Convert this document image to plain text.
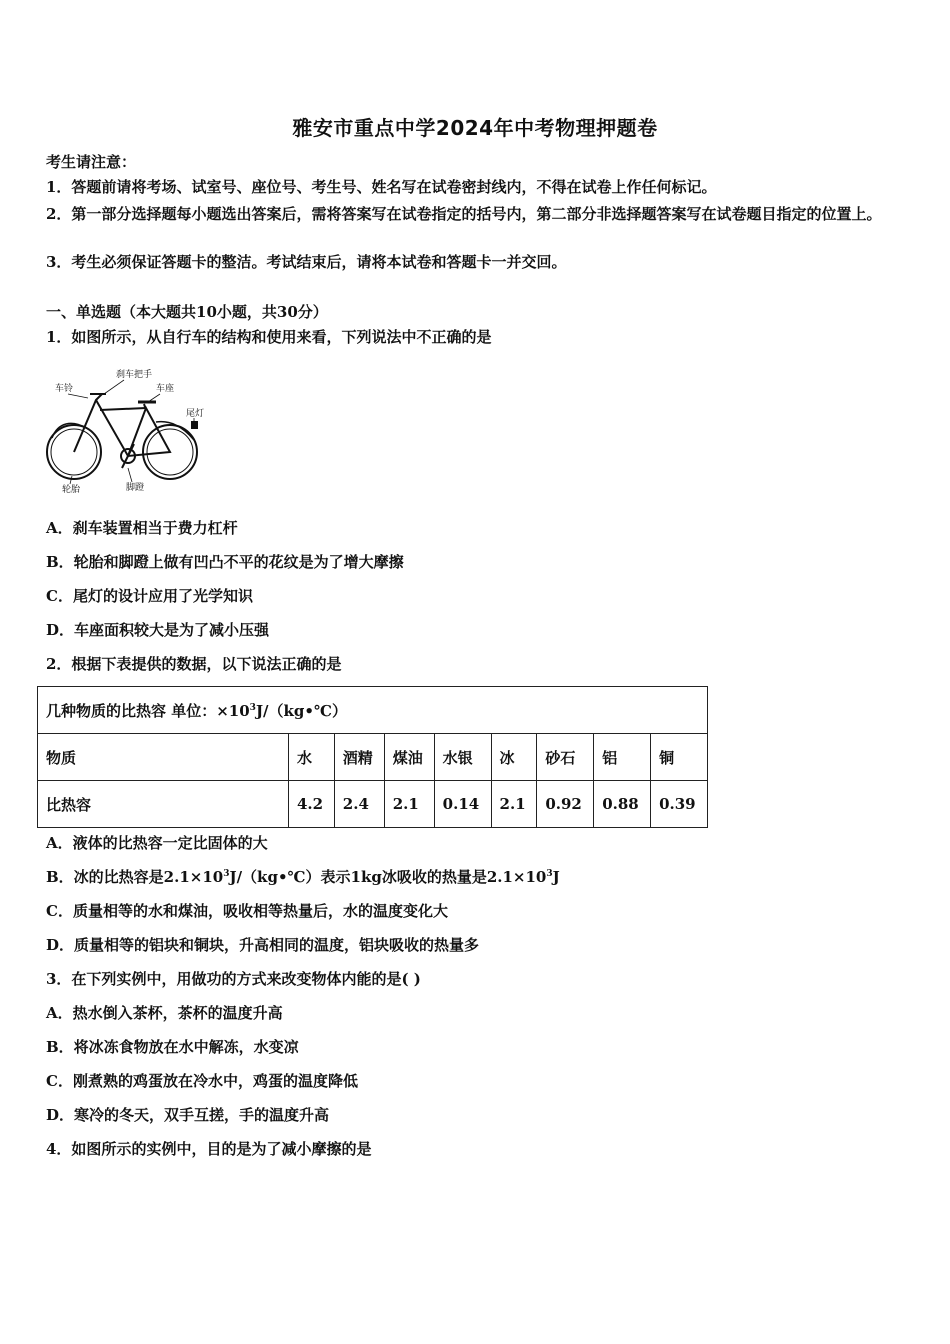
雅安市重点中学2024年中考物理押题卷
考生请注意：
1．答题前请将考场、试室号、座位号、考生号、姓名写在试卷密封线内，不得在试卷上作任何标记。
2．第一部分选择题每小题选出答案后，需将答案写在试卷指定的括号内，第二部分非选择题答案写在试卷题目指定的位置上。
3．考生必须保证答题卡的整洁。考试结束后，请将本试卷和答题卡一并交回。
一、单选题（本大题共10小题，共30分）
1．如图所示，从自行车的结构和使用来看，下列说法中不正确的是
车铃
刹车把手
车座
尾灯
轮胎	脚蹬
A．刹车装置相当于费力杠杆
B．轮胎和脚蹬上做有凹凸不平的花纹是为了增大摩擦
C．尾灯的设计应用了光学知识
D．车座面积较大是为了减小压强
2．根据下表提供的数据，以下说法正确的是
几种物质的比热容 单位：$\times 10^3J/(kg•℃)$								
物质	水	酒精	煤油	水银	冰	砂石	铝	铜
比热容	4.2	2.4	2.1	0.14	2.1	0.92	0.88	0.39
A．液体的比热容一定比固体的大
B．冰的比热容是$2.1\times 10^3J/(kg•℃)$表示1kg冰吸收的热量是$2.1\times 10^3J$
C．质量相等的水和煤油，吸收相等热量后，水的温度变化大
D．质量相等的铝块和铜块，升高相同的温度，铝块吸收的热量多
3．在下列实例中，用做功的方式来改变物体内能的是( )
A．热水倒入茶杯，茶杯的温度升高
B．将冰冻食物放在水中解冻，水变凉
C．刚煮熟的鸡蛋放在冷水中，鸡蛋的温度降低
D．寒冷的冬天，双手互搓，手的温度升高
4．如图所示的实例中，目的是为了减小摩擦的是
